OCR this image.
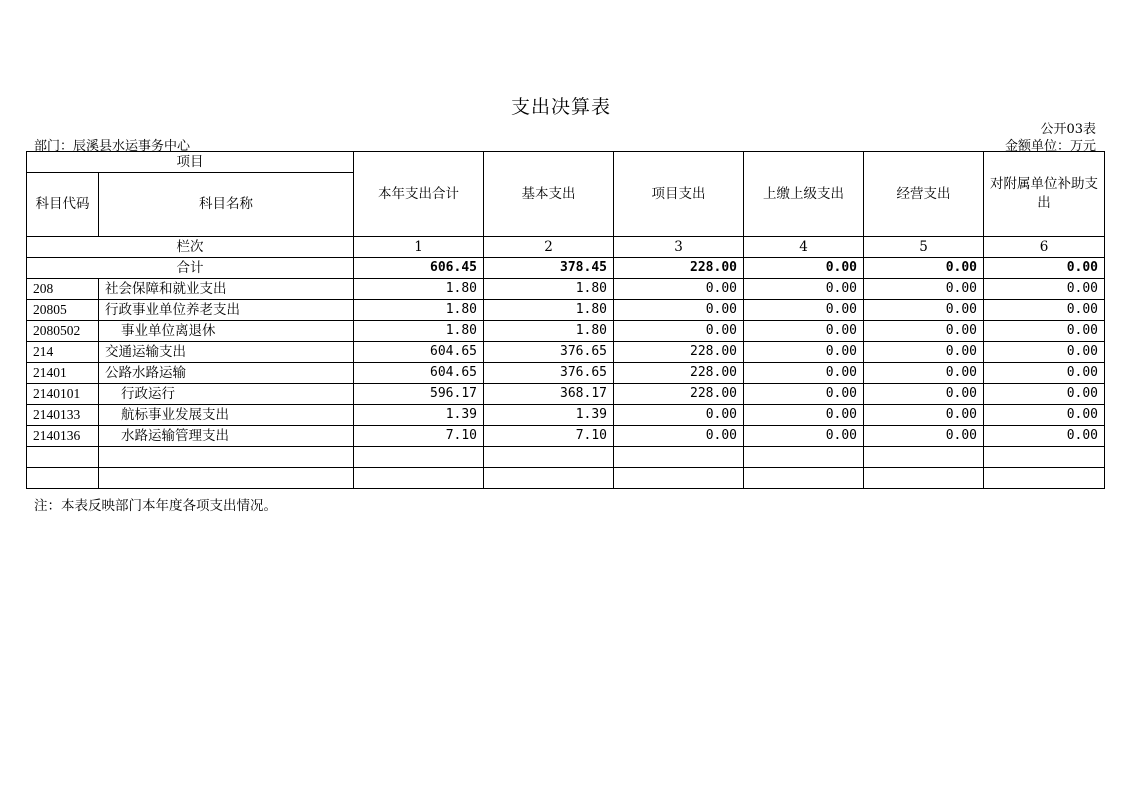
支出决算表
公开03表
部门：辰溪县水运事务中心	金额单位：万元
项目		本年支出合计	基本支出	项目支出	上缴上级支出	经营支出	对附属单位补助支出
科目代码	科目名称						
栏次		1	2	3	4	5	6
合计		606.45	378.45	228.00	0.00	0.00	0.00
208	社会保障和就业支出	1.80	1.80	0.00	0.00	0.00	0.00
20805	行政事业单位养老支出	1.80	1.80	0.00	0.00	0.00	0.00
2080502	事业单位离退休	1.80	1.80	0.00	0.00	0.00	0.00
214	交通运输支出	604.65	376.65	228.00	0.00	0.00	0.00
21401	公路水路运输	604.65	376.65	228.00	0.00	0.00	0.00
2140101	行政运行	596.17	368.17	228.00	0.00	0.00	0.00
2140133	航标事业发展支出	1.39	1.39	0.00	0.00	0.00	0.00
2140136	水路运输管理支出	7.10	7.10	0.00	0.00	0.00	0.00

注：本表反映部门本年度各项支出情况。
